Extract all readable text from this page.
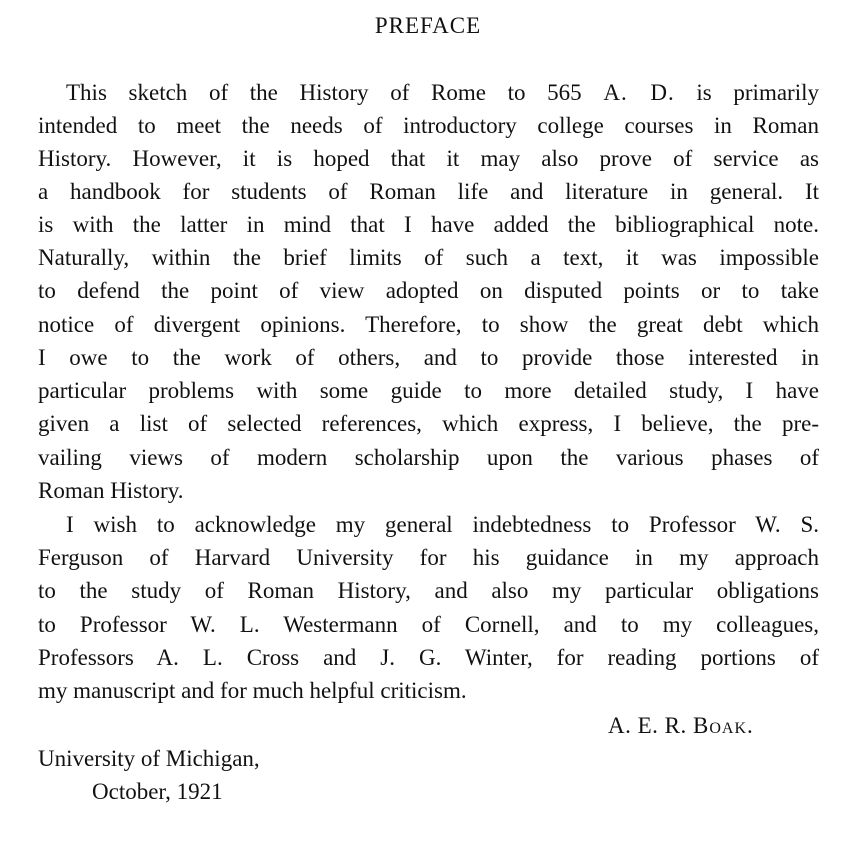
PREFACE
This sketch of the History of Rome to 565 A. D. is primarily
intended to meet the needs of introductory college courses in Roman
History. However, it is hoped that it may also prove of service as
a handbook for students of Roman life and literature in general. It
is with the latter in mind that I have added the bibliographical note.
Naturally, within the brief limits of such a text, it was impossible
to defend the point of view adopted on disputed points or to take
notice of divergent opinions. Therefore, to show the great debt which
I owe to the work of others, and to provide those interested in
particular problems with some guide to more detailed study, I have
given a list of selected references, which express, I believe, the pre-
vailing views of modern scholarship upon the various phases of
Roman History.
I wish to acknowledge my general indebtedness to Professor W. S.
Ferguson of Harvard University for his guidance in my approach
to the study of Roman History, and also my particular obligations
to Professor W. L. Westermann of Cornell, and to my colleagues,
Professors A. L. Cross and J. G. Winter, for reading portions of
my manuscript and for much helpful criticism.
A. E. R. Boak.
University of Michigan,
October, 1921
